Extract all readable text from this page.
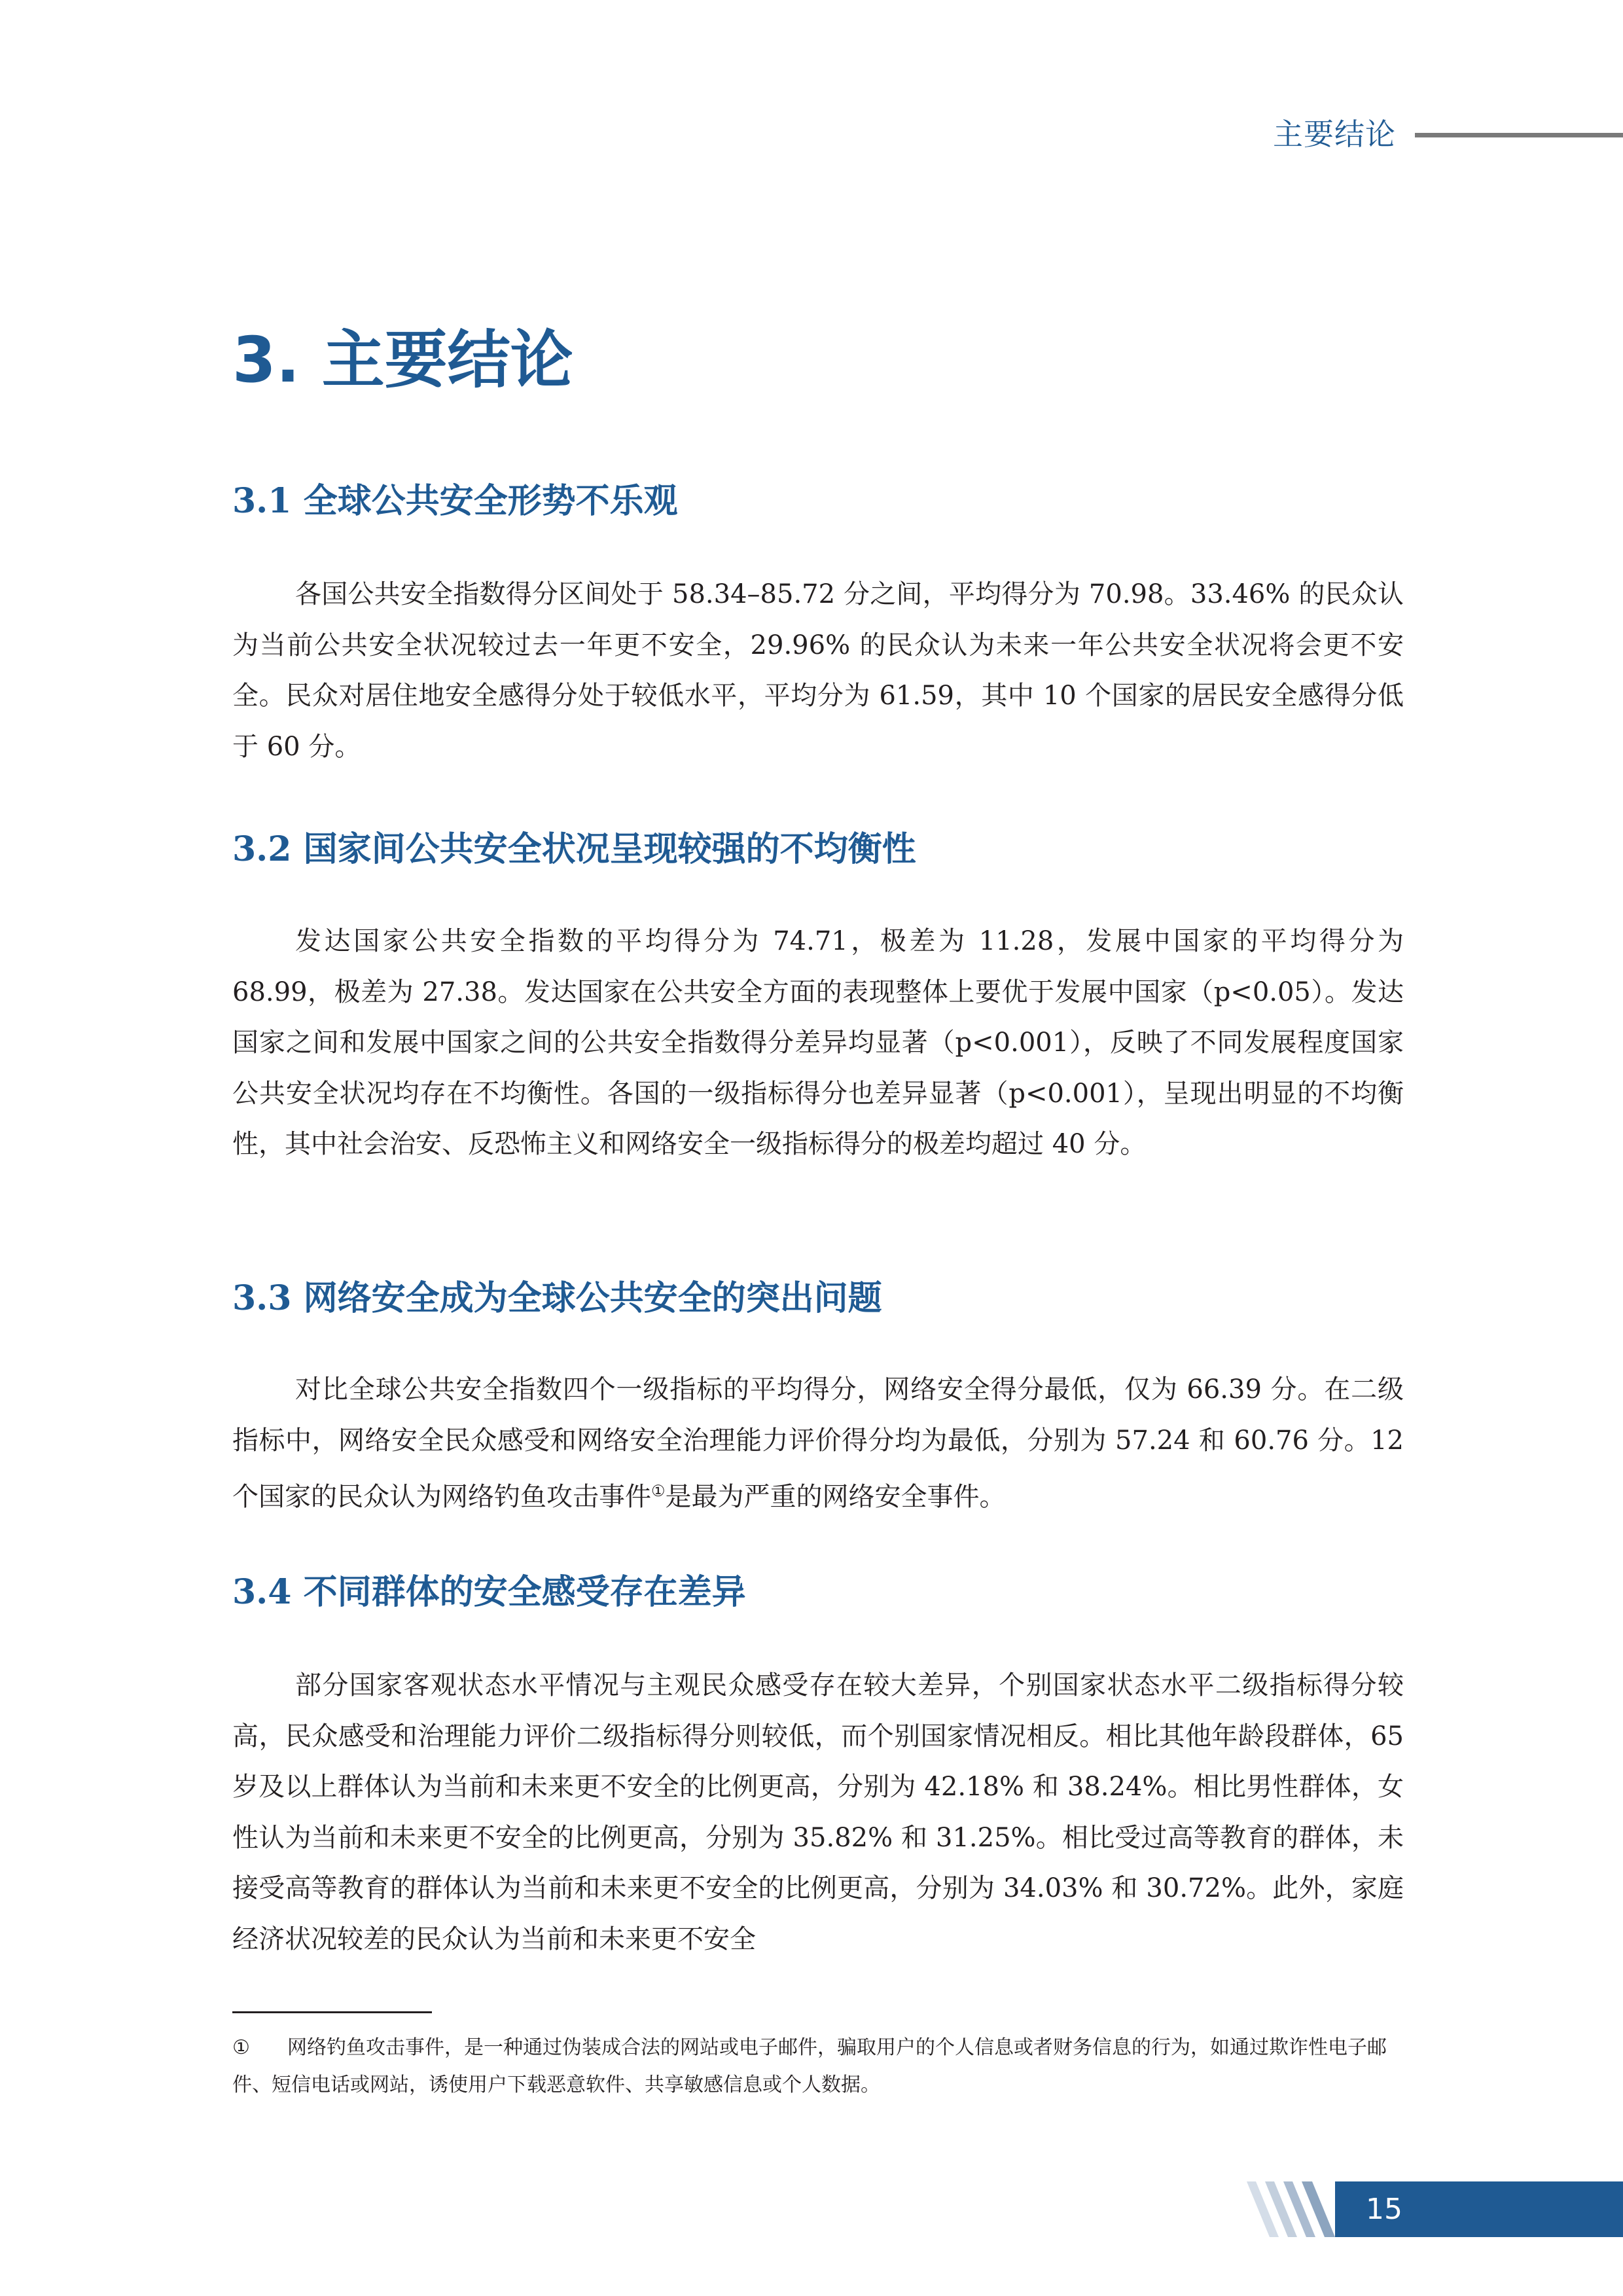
主要结论
3. 主要结论
3.1 全球公共安全形势不乐观

各国公共安全指数得分区间处于 58.34–85.72 分之间，平均得分为 70.98。33.46% 的民众认为当前公共安全状况较过去一年更不安全，29.96% 的民众认为未来一年公共安全状况将会更不安全。民众对居住地安全感得分处于较低水平，平均分为 61.59，其中 10 个国家的居民安全感得分低于 60 分。

3.2 国家间公共安全状况呈现较强的不均衡性

发达国家公共安全指数的平均得分为 74.71，极差为 11.28，发展中国家的平均得分为 68.99，极差为 27.38。发达国家在公共安全方面的表现整体上要优于发展中国家（p<0.05）。发达国家之间和发展中国家之间的公共安全指数得分差异均显著（p<0.001），反映了不同发展程度国家公共安全状况均存在不均衡性。各国的一级指标得分也差异显著（p<0.001），呈现出明显的不均衡性，其中社会治安、反恐怖主义和网络安全一级指标得分的极差均超过 40 分。

3.3 网络安全成为全球公共安全的突出问题

对比全球公共安全指数四个一级指标的平均得分，网络安全得分最低，仅为 66.39 分。在二级指标中，网络安全民众感受和网络安全治理能力评价得分均为最低，分别为 57.24 和 60.76 分。12 个国家的民众认为网络钓鱼攻击事件①是最为严重的网络安全事件。

3.4 不同群体的安全感受存在差异

部分国家客观状态水平情况与主观民众感受存在较大差异，个别国家状态水平二级指标得分较高，民众感受和治理能力评价二级指标得分则较低，而个别国家情况相反。相比其他年龄段群体，65 岁及以上群体认为当前和未来更不安全的比例更高，分别为 42.18% 和 38.24%。相比男性群体，女性认为当前和未来更不安全的比例更高，分别为 35.82% 和 31.25%。相比受过高等教育的群体，未接受高等教育的群体认为当前和未来更不安全的比例更高，分别为 34.03% 和 30.72%。此外，家庭经济状况较差的民众认为当前和未来更不安全

① 网络钓鱼攻击事件，是一种通过伪装成合法的网站或电子邮件，骗取用户的个人信息或者财务信息的行为，如通过欺诈性电子邮件、短信电话或网站，诱使用户下载恶意软件、共享敏感信息或个人数据。

15
